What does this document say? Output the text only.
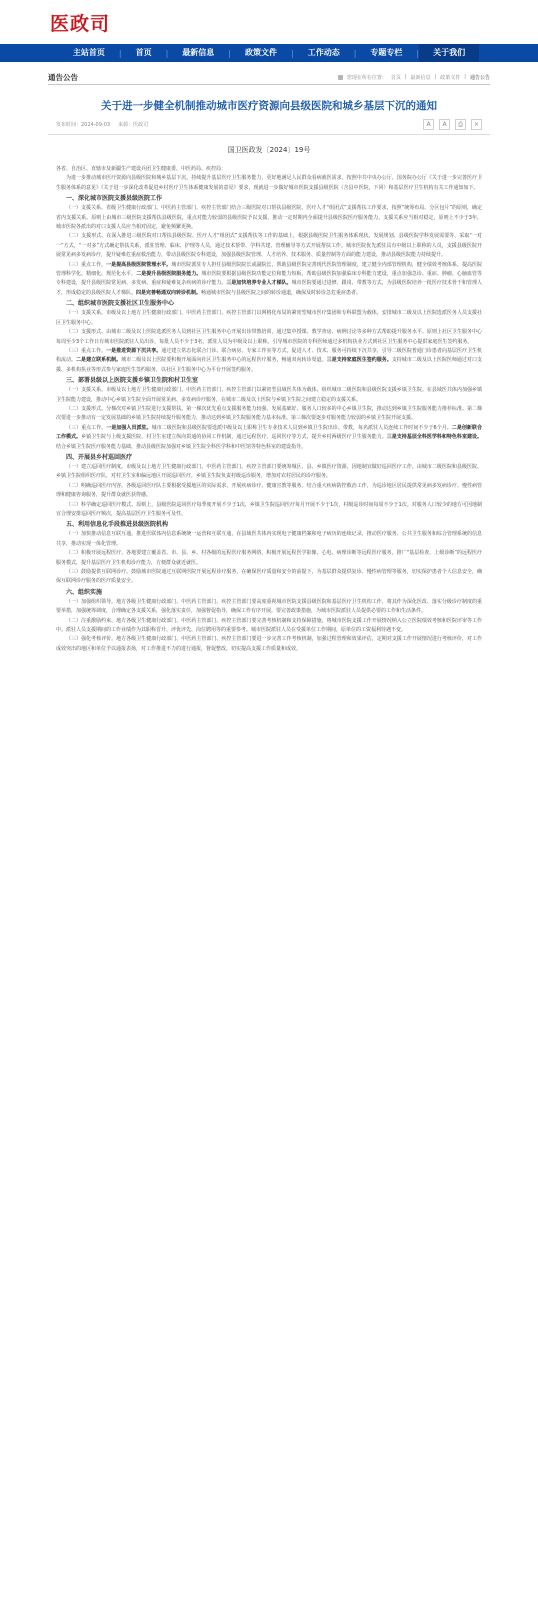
医政司
主站首页	|	首页	|	最新信息	|	政策文件	|	工作动态	|	专题专栏	|	关于我们
通告公告	您现在所在位置： 首页 | 最新信息 | 政策文件 | 通告公告
关于进一步健全机制推动城市医疗资源向县级医院和城乡基层下沉的通知
发布时间：2024-09-03 来源：医政司	A	A	⎙	×
国卫医政发〔2024〕19号

各省、自治区、直辖市及新疆生产建设兵团卫生健康委、中医药局、疾控局：

为进一步推动城市医疗资源向县级医院和城乡基层下沉，持续提升基层医疗卫生服务能力，更好地满足人民群众看病就医需求，按照中共中央办公厅、国务院办公厅《关于进一步完善医疗卫生服务体系的意见》《关于进一步深化改革促进乡村医疗卫生体系健康发展的意见》要求，现就进一步做好城市医院支援县级医院（含县中医院，下同）和基层医疗卫生机构有关工作通知如下。

一、深化城市医院支援县级医院工作

（一）支援关系。省级卫生健康行政部门、中医药主管部门、疾控主管部门结合三级医院对口帮扶县级医院、医疗人才“组团式”支援帮扶工作要求，按照“统筹布局、分区包片”的原则，确定省内支援关系。原则上由城市三级医院支援帮扶县级医院，重点对能力较弱的县级医院予以支援，推动一定时期内全面提升县级医院医疗服务能力。支援关系应当相对稳定，原则上不少于3年，城市医院各派出的对口支援人员应当相对固定，避免频繁更换。

（二）支援形式。在深入推进三级医院对口帮扶县级医院、医疗人才“组团式”支援帮扶等工作的基础上，根据县级医院卫生服务体系现状、发展规划、县级医院学科发展需要等，采取“一对一”方式，“一对多”方式确定帮扶关系，派驻管理、临床、护理等人员，通过技术帮带、学科共建、管理辅导等方式开展帮扶工作。城市医院优先派驻具有中级以上职称的人员，支援县级医院开展常见病多发病诊疗，提升疑难危重症救治能力，带动县级医院专科建设，加强县级医院管理、人才培养、技术服务、质量控制等方面的能力建设，推动县级医院能力持续提升。

（三）重点工作。一是提高县级医院管理水平。城市医院派驻专人担任县级医院院长或副院长，帮助县级医院完善现代医院管理制度，建立健全内部管理机构，健全绩效考核体系。提高医院管理科学化、精细化、规范化水平。二是提升县级医院服务能力。城市医院要根据县级医院功能定位和能力短板，帮助县级医院加强临床专科能力建设，重点加强急诊、重症、肿瘤、心脑血管等专科建设，提升县级医院常见病、多发病、重症和疑难复杂疾病的诊疗能力。三是加快培养专业人才梯队。城市医院要通过进修、跟岗、带教等方式，为县级医院培养一批医疗技术骨干和管理人才，形成稳定的县级医院人才梯队。四是完善畅通双向转诊机制。畅通城市医院与县级医院之间的转诊通道，确保及时转诊急危重症患者。

二、组织城市医院支援社区卫生服务中心

（一）支援关系。市级及以上地方卫生健康行政部门、中医药主管部门、疾控主管部门以网格化布局的紧密型城市医疗集团和专科联盟为载体，安排城市二级及以上医院选派医务人员支援社区卫生服务中心。

（二）支援形式。由城市二级及以上医院选派医务人员到社区卫生服务中心开展出诊带教培训，通过集中授课、教学查房、病例讨论等多种方式帮助提升服务水平。原则上社区卫生服务中心每周至少3个工作日有城市医院派驻人员出诊，每批人员不少于3名，派驻人员为中级及以上职称。引导城市医院的专科医师通过多机构执业方式到社区卫生服务中心提供家庭医生签约服务。

（三）重点工作。一是推进资源下沉共享。通过建立常态化联合门诊、联合病房、专家工作室等方式，促进人才、技术、服务可持续下沉共享，引导二级医院普通门诊患者向基层医疗卫生机构流动。二是建立联系机制。城市二级及以上医院要积极开展面向社区卫生服务中心的远程医疗服务，畅通双向转诊渠道。三是支持家庭医生签约服务。支持城市二级及以上医院医师通过对口支援、多机构执业等形式参与家庭医生签约服务，以社区卫生服务中心为平台开展签约服务。

三、部署县级以上医院支援乡镇卫生院和村卫生室

（一）支援关系。市级及以上地方卫生健康行政部门、中医药主管部门、疾控主管部门以紧密型县域医共体为载体，组织城市二级医院和县级医院支援乡镇卫生院。在县域医共体内加强乡镇卫生院能力建设，推动中心乡镇卫生院全面开展常见病、多发病诊疗服务，在城市二级及以上医院与乡镇卫生院之间建立稳定的支援关系。

（二）支援形式。分梯次对乡镇卫生院进行支援帮扶。第一梯次优先重点支援服务能力较强、发展基础好、服务人口较多的中心乡镇卫生院，推动达到乡镇卫生院服务能力推荐标准。第二梯次要进一步推动有一定发展基础的乡镇卫生院持续提升服务能力，推动达到乡镇卫生院服务能力基本标准。第三梯次要逐步对服务能力较弱的乡镇卫生院开展支援。

（三）重点工作。一是加强人员派驻。城市二级医院和县级医院要选派中级及以上职称卫生专业技术人员到乡镇卫生院出诊、带教，每名派驻人员连续工作时间不少于6个月。二是创新联合工作模式。乡镇卫生院与上级支援医院、村卫生室建立纵向贯通的协同工作机制，通过远程医疗、巡回医疗等方式，提升乡村两级医疗卫生服务能力。三是支持基层全科医学科和特色科室建设。结合乡镇卫生院医疗服务能力基础，推动县级医院加强对乡镇卫生院全科医学科和中医馆等特色科室的建设指导。

四、开展县乡村巡回医疗

（一）建立巡回医疗制度。市级及以上地方卫生健康行政部门、中医药主管部门、疾控主管部门要统筹城区、县、乡镇医疗资源，因地制宜做好巡回医疗工作。由城市二级医院和县级医院、乡镇卫生院组织医疗队，对村卫生室和偏远地区开展巡回医疗，乡镇卫生院负责村级巡诊服务，增加对农村居民的诊疗服务。

（二）明确巡回医疗内容。各级巡回医疗队主要根据受援地区的实际需求，开展疾病诊疗、健康宣教等服务。结合重大疾病防控救治工作，为巡诊地区居民提供常见病多发病诊疗、慢性病管理和健康咨询服务，提升群众就医获得感。

（三）科学确定巡回医疗模式。原则上，县级医院巡回医疗每季度开展不少于1次，乡镇卫生院巡回医疗每月开展不少于1次，村级巡诊时间每周不少于1次。对服务人口较少的地方可因地制宜合理安排巡回医疗频次，提高基层医疗卫生服务可及性。

五、利用信息化手段推进县级医院机构

（一）加快推动信息互联互通。推进医联体内信息系统统一运营和互联互通，在县域医共体内实现电子健康档案和电子病历的连续记录，推动医疗服务、公共卫生服务和综合管理系统的信息共享，推动实现一体化管理。

（二）积极开展远程医疗。各地要建立覆盖省、市、县、乡、村各级的远程医疗服务网络，积极开展远程医学影像、心电、病理诊断等远程医疗服务，推广“基层检查、上级诊断”的远程医疗服务模式，提升基层医疗卫生机构诊疗能力，方便群众就近就医。

（三）鼓励提供互联网诊疗。鼓励城市医院通过互联网医院开展远程诊疗服务，在确保医疗质量和安全的前提下，为基层群众提供复诊、慢性病管理等服务，切实保护患者个人信息安全，确保互联网诊疗服务的医疗质量安全。

六、组织实施

（一）加强组织领导。地方各级卫生健康行政部门、中医药主管部门、疾控主管部门要高度重视城市医院支援县级医院和基层医疗卫生机构工作，将其作为深化医改、落实分级诊疗制度的重要举措，加强统筹调度，合理确定各支援关系，强化落实责任，加强督促指导，确保工作有序开展。要完善政策措施，为城市医院派驻人员提供必要的工作和生活条件。

（二）注重激励约束。地方各级卫生健康行政部门、中医药主管部门、疾控主管部门要完善考核机制和支持保障措施，将城市医院支援工作开展情况纳入公立医院绩效考核和医院评审等工作中。派驻人员支援期间的工作业绩作为其职称晋升、评优评先、岗位聘用等的重要参考。城市医院派驻人员在受援单位工作期间，原单位的工资福利待遇不变。

（三）强化考核评价。地方各级卫生健康行政部门、中医药主管部门、疾控主管部门要进一步完善工作考核机制，加强过程管理和效果评估，定期对支援工作开展情况进行考核评价，对工作成效突出的地区和单位予以通报表扬，对工作推进不力的进行通报，督促整改，切实提高支援工作质量和成效。
